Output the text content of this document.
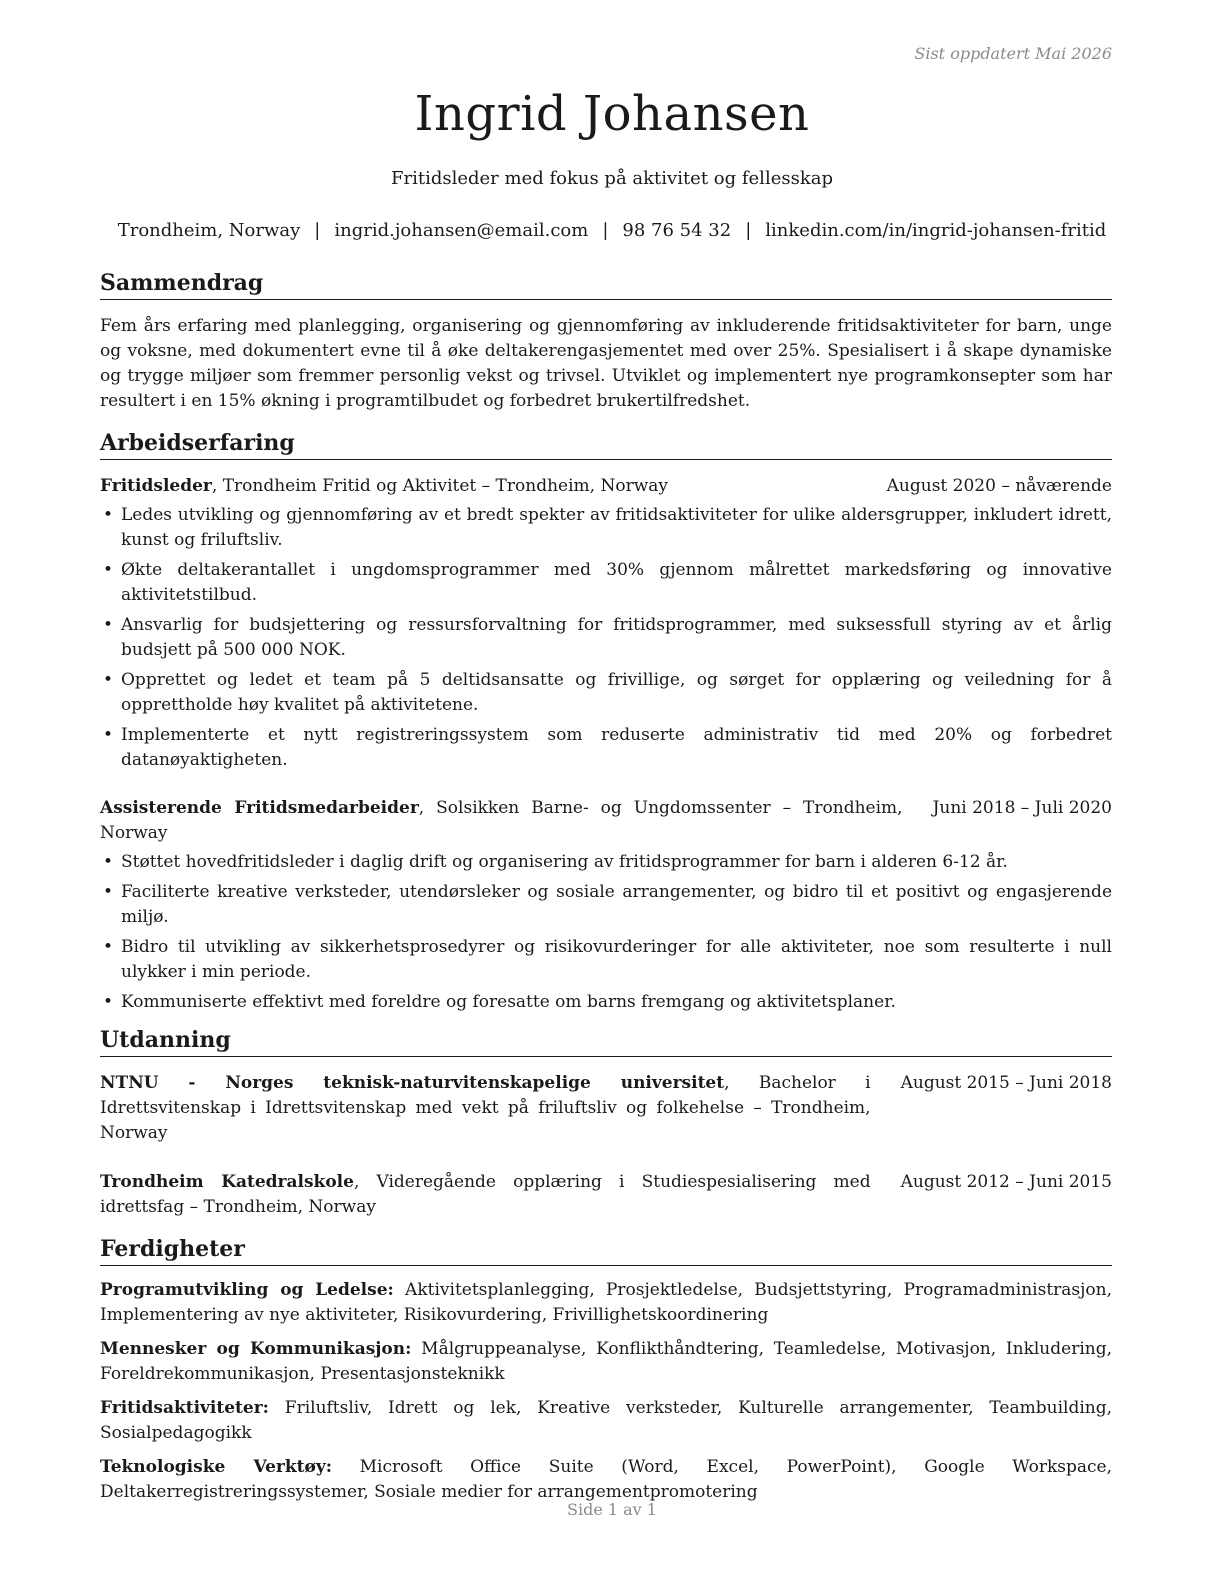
Sist oppdatert Mai 2026
Ingrid Johansen
Fritidsleder med fokus på aktivitet og fellesskap
Trondheim, Norway | ingrid.johansen@email.com | 98 76 54 32 | linkedin.com/in/ingrid-johansen-fritid
Sammendrag

Fem års erfaring med planlegging, organisering og gjennomføring av inkluderende fritidsaktiviteter for barn, unge og voksne, med dokumentert evne til å øke deltakerengasjementet med over 25%. Spesialisert i å skape dynamiske og trygge miljøer som fremmer personlig vekst og trivsel. Utviklet og implementert nye programkonsepter som har resultert i en 15% økning i programtilbudet og forbedret brukertilfredshet.

Arbeidserfaring
Fritidsleder, Trondheim Fritid og Aktivitet – Trondheim, Norway	August 2020 – nåværende
• Ledes utvikling og gjennomføring av et bredt spekter av fritidsaktiviteter for ulike aldersgrupper, inkludert idrett, kunst og friluftsliv.
• Økte deltakerantallet i ungdomsprogrammer med 30% gjennom målrettet markedsføring og innovative aktivitetstilbud.
• Ansvarlig for budsjettering og ressursforvaltning for fritidsprogrammer, med suksessfull styring av et årlig budsjett på 500 000 NOK.
• Opprettet og ledet et team på 5 deltidsansatte og frivillige, og sørget for opplæring og veiledning for å opprettholde høy kvalitet på aktivitetene.
• Implementerte et nytt registreringssystem som reduserte administrativ tid med 20% og forbedret datanøyaktigheten.
Assisterende Fritidsmedarbeider, Solsikken Barne- og Ungdomssenter – Trondheim, Norway
Juni 2018 – Juli 2020
• Støttet hovedfritidsleder i daglig drift og organisering av fritidsprogrammer for barn i alderen 6-12 år.
• Faciliterte kreative verksteder, utendørsleker og sosiale arrangementer, og bidro til et positivt og engasjerende miljø.
• Bidro til utvikling av sikkerhetsprosedyrer og risikovurderinger for alle aktiviteter, noe som resulterte i null ulykker i min periode.
• Kommuniserte effektivt med foreldre og foresatte om barns fremgang og aktivitetsplaner.
Utdanning
NTNU - Norges teknisk-naturvitenskapelige universitet, Bachelor i Idrettsvitenskap i Idrettsvitenskap med vekt på friluftsliv og folkehelse – Trondheim, Norway
August 2015 – Juni 2018
Trondheim Katedralskole, Videregående opplæring i Studiespesialisering med idrettsfag – Trondheim, Norway
August 2012 – Juni 2015
Ferdigheter
Programutvikling og Ledelse: Aktivitetsplanlegging, Prosjektledelse, Budsjettstyring, Programadministrasjon, Implementering av nye aktiviteter, Risikovurdering, Frivillighetskoordinering
Mennesker og Kommunikasjon: Målgruppeanalyse, Konflikthåndtering, Teamledelse, Motivasjon, Inkludering, Foreldrekommunikasjon, Presentasjonsteknikk
Fritidsaktiviteter: Friluftsliv, Idrett og lek, Kreative verksteder, Kulturelle arrangementer, Teambuilding, Sosialpedagogikk
Teknologiske Verktøy: Microsoft Office Suite (Word, Excel, PowerPoint), Google Workspace, Deltakerregistreringssystemer, Sosiale medier for arrangementpromotering
Side 1 av 1
